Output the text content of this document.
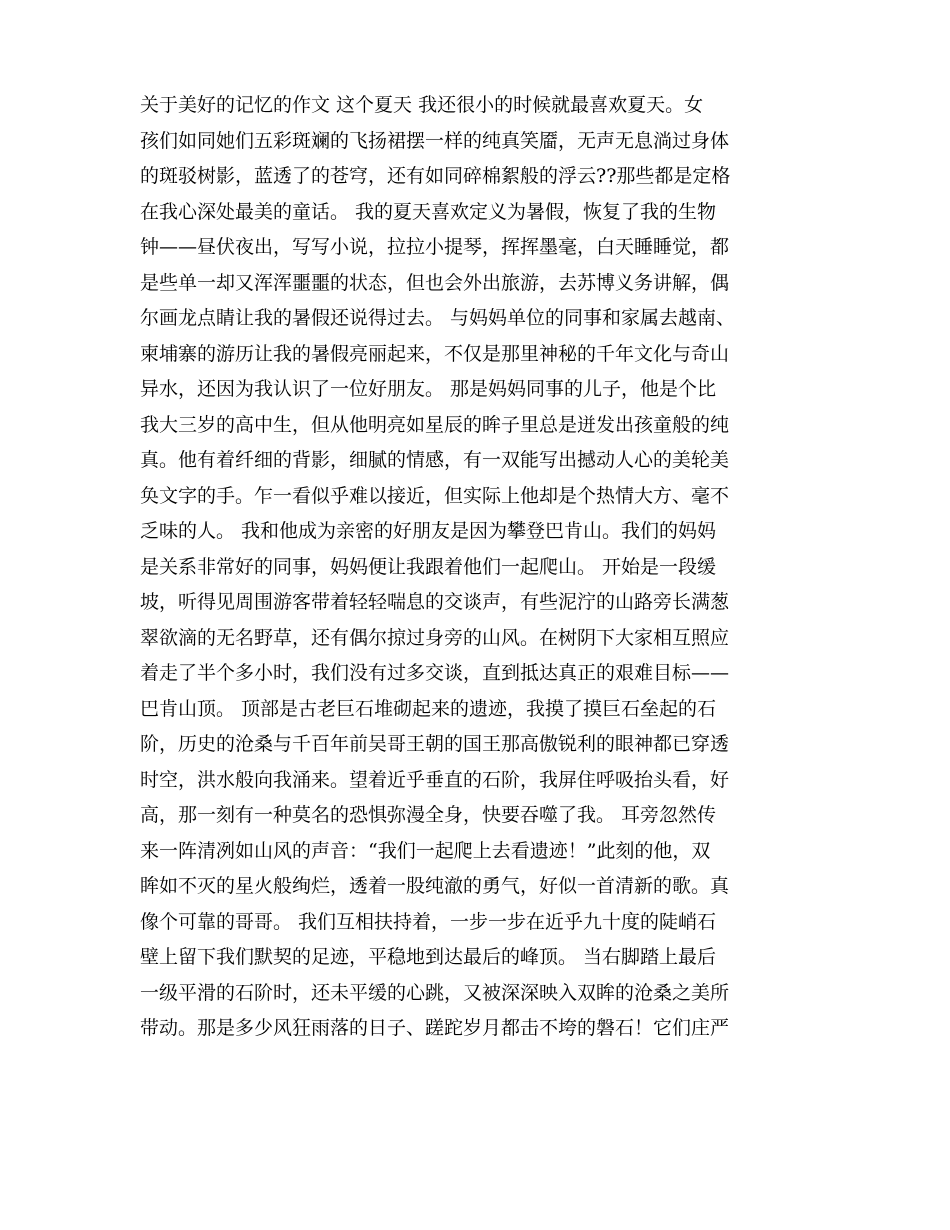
关于美好的记忆的作文 这个夏天 我还很小的时候就最喜欢夏天。女
孩们如同她们五彩斑斓的飞扬裙摆一样的纯真笑靥，无声无息淌过身体
的斑驳树影，蓝透了的苍穹，还有如同碎棉絮般的浮云??那些都是定格
在我心深处最美的童话。 我的夏天喜欢定义为暑假，恢复了我的生物
钟——昼伏夜出，写写小说，拉拉小提琴，挥挥墨毫，白天睡睡觉，都
是些单一却又浑浑噩噩的状态，但也会外出旅游，去苏博义务讲解，偶
尔画龙点睛让我的暑假还说得过去。 与妈妈单位的同事和家属去越南、
柬埔寨的游历让我的暑假亮丽起来，不仅是那里神秘的千年文化与奇山
异水，还因为我认识了一位好朋友。 那是妈妈同事的儿子，他是个比
我大三岁的高中生，但从他明亮如星辰的眸子里总是迸发出孩童般的纯
真。他有着纤细的背影，细腻的情感，有一双能写出撼动人心的美轮美
奂文字的手。乍一看似乎难以接近，但实际上他却是个热情大方、毫不
乏味的人。 我和他成为亲密的好朋友是因为攀登巴肯山。我们的妈妈
是关系非常好的同事，妈妈便让我跟着他们一起爬山。 开始是一段缓
坡，听得见周围游客带着轻轻喘息的交谈声，有些泥泞的山路旁长满葱
翠欲滴的无名野草，还有偶尔掠过身旁的山风。在树阴下大家相互照应
着走了半个多小时，我们没有过多交谈，直到抵达真正的艰难目标——
巴肯山顶。 顶部是古老巨石堆砌起来的遗迹，我摸了摸巨石垒起的石
阶，历史的沧桑与千百年前吴哥王朝的国王那高傲锐利的眼神都已穿透
时空，洪水般向我涌来。望着近乎垂直的石阶，我屏住呼吸抬头看，好
高，那一刻有一种莫名的恐惧弥漫全身，快要吞噬了我。 耳旁忽然传
来一阵清冽如山风的声音：“我们一起爬上去看遗迹！”此刻的他，双
眸如不灭的星火般绚烂，透着一股纯澈的勇气，好似一首清新的歌。真
像个可靠的哥哥。 我们互相扶持着，一步一步在近乎九十度的陡峭石
壁上留下我们默契的足迹，平稳地到达最后的峰顶。 当右脚踏上最后
一级平滑的石阶时，还未平缓的心跳，又被深深映入双眸的沧桑之美所
带动。那是多少风狂雨落的日子、蹉跎岁月都击不垮的磐石！它们庄严
